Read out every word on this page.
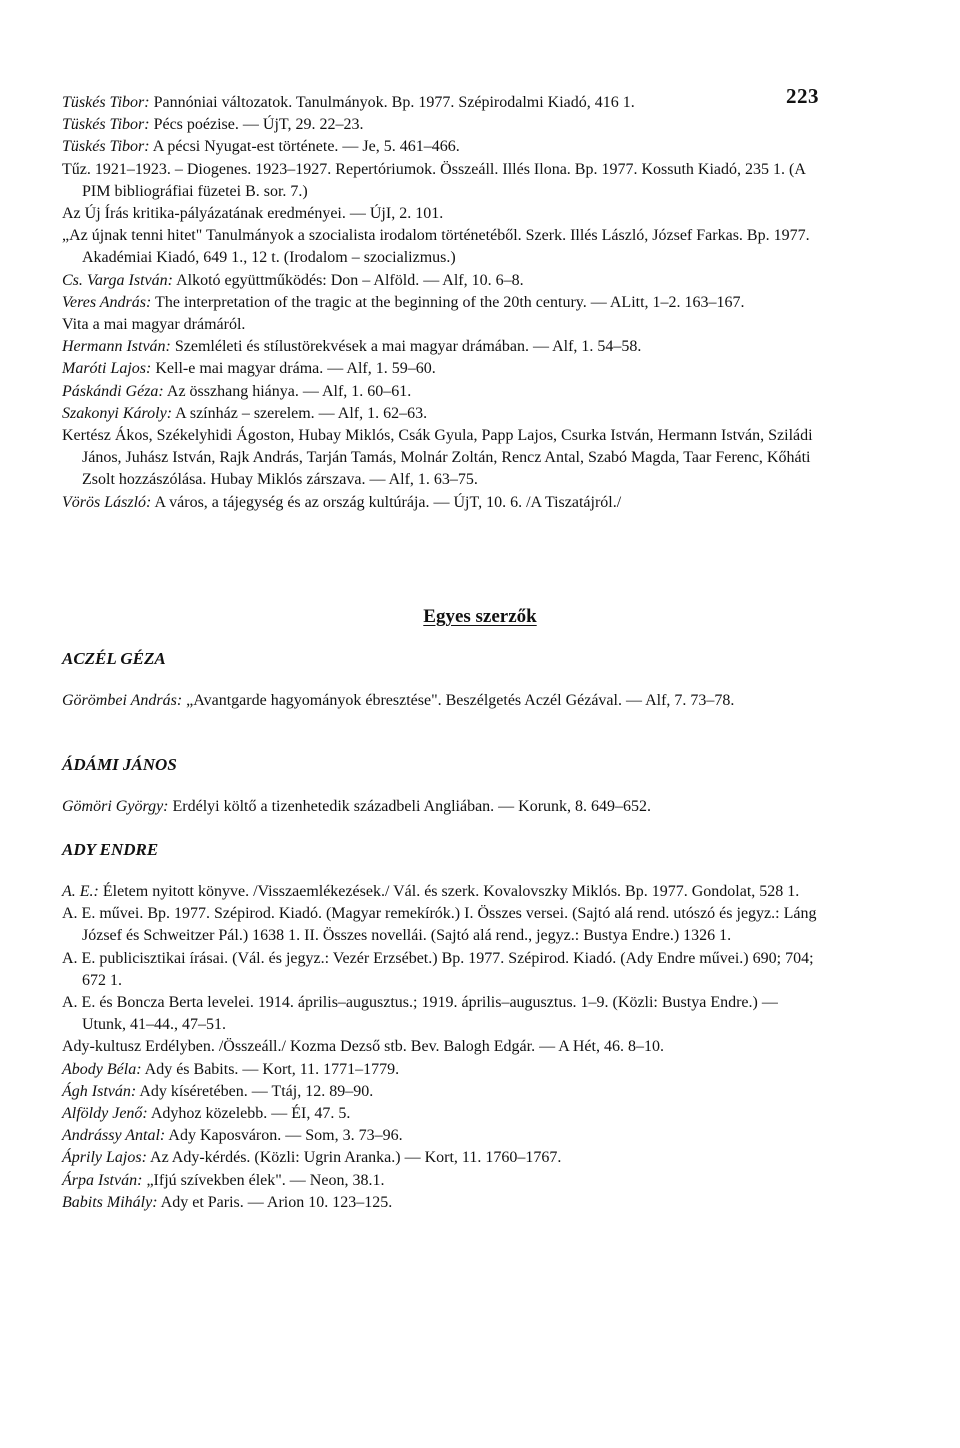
223

Tüskés Tibor: Pannóniai változatok. Tanulmányok. Bp. 1977. Szépirodalmi Kiadó, 416 1.

Tüskés Tibor: Pécs poézise. — ÚjT, 29. 22–23.

Tüskés Tibor: A pécsi Nyugat-est története. — Je, 5. 461–466.

Tűz. 1921–1923. – Diogenes. 1923–1927. Repertóriumok. Összeáll. Illés Ilona. Bp. 1977. Kossuth Kiadó, 235 1. (A PIM bibliográfiai füzetei B. sor. 7.)

Az Új Írás kritika-pályázatának eredményei. — ÚjI, 2. 101.

„Az újnak tenni hitet" Tanulmányok a szocialista irodalom történetéből. Szerk. Illés László, József Farkas. Bp. 1977. Akadémiai Kiadó, 649 1., 12 t. (Irodalom – szocializmus.)

Cs. Varga István: Alkotó együttműködés: Don – Alföld. — Alf, 10. 6–8.

Veres András: The interpretation of the tragic at the beginning of the 20th century. — ALitt, 1–2. 163–167.

Vita a mai magyar drámáról.

Hermann István: Szemléleti és stílustörekvések a mai magyar drámában. — Alf, 1. 54–58.

Maróti Lajos: Kell-e mai magyar dráma. — Alf, 1. 59–60.

Páskándi Géza: Az összhang hiánya. — Alf, 1. 60–61.

Szakonyi Károly: A színház – szerelem. — Alf, 1. 62–63.

Kertész Ákos, Székelyhidi Ágoston, Hubay Miklós, Csák Gyula, Papp Lajos, Csurka István, Hermann István, Sziládi János, Juhász István, Rajk András, Tarján Tamás, Molnár Zoltán, Rencz Antal, Szabó Magda, Taar Ferenc, Kőháti Zsolt hozzászólása. Hubay Miklós zárszava. — Alf, 1. 63–75.

Vörös László: A város, a tájegység és az ország kultúrája. — ÚjT, 10. 6. /A Tiszatájról./

Egyes szerzők
ACZÉL GÉZA

Görömbei András: „Avantgarde hagyományok ébresztése". Beszélgetés Aczél Gézával. — Alf, 7. 73–78.

ÁDÁMI JÁNOS

Gömöri György: Erdélyi költő a tizenhetedik századbeli Angliában. — Korunk, 8. 649–652.

ADY ENDRE

A. E.: Életem nyitott könyve. /Visszaemlékezések./ Vál. és szerk. Kovalovszky Miklós. Bp. 1977. Gondolat, 528 1.

A. E. művei. Bp. 1977. Szépirod. Kiadó. (Magyar remekírók.) I. Összes versei. (Sajtó alá rend. utószó és jegyz.: Láng József és Schweitzer Pál.) 1638 1. II. Összes novellái. (Sajtó alá rend., jegyz.: Bustya Endre.) 1326 1.

A. E. publicisztikai írásai. (Vál. és jegyz.: Vezér Erzsébet.) Bp. 1977. Szépirod. Kiadó. (Ady Endre művei.) 690; 704; 672 1.

A. E. és Boncza Berta levelei. 1914. április–augusztus.; 1919. április–augusztus. 1–9. (Közli: Bustya Endre.) — Utunk, 41–44., 47–51.

Ady-kultusz Erdélyben. /Összeáll./ Kozma Dezső stb. Bev. Balogh Edgár. — A Hét, 46. 8–10.

Abody Béla: Ady és Babits. — Kort, 11. 1771–1779.

Ágh István: Ady kíséretében. — Ttáj, 12. 89–90.

Alföldy Jenő: Adyhoz közelebb. — ÉI, 47. 5.

Andrássy Antal: Ady Kaposváron. — Som, 3. 73–96.

Áprily Lajos: Az Ady-kérdés. (Közli: Ugrin Aranka.) — Kort, 11. 1760–1767.

Árpa István: „Ifjú szívekben élek". — Neon, 38.1.

Babits Mihály: Ady et Paris. — Arion 10. 123–125.
